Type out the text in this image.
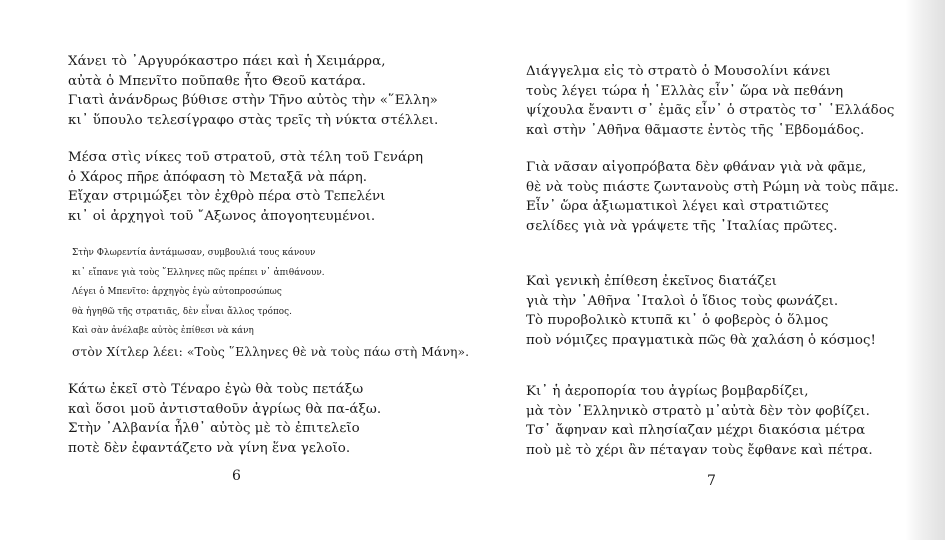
Χάνει τὸ ᾽Αργυρόκαστρο πάει καὶ ἡ Χειμάρρα,
αὐτὰ ὁ Μπενῖτο ποῦπαθε ἦτο Θεοῦ κατάρα.
Γιατὶ ἀνάνδρως βύθισε στὴν Τῆνο αὐτὸς τὴν «῞Ελλη»
κι᾽ ὕπουλο τελεσίγραφο στὰς τρεῖς τὴ νύκτα στέλλει.
Μέσα στὶς νίκες τοῦ στρατοῦ, στὰ τέλη τοῦ Γενάρη
ὁ Χάρος πῆρε ἀπόφαση τὸ Μεταξᾶ νὰ πάρη.
Εἴχαν στριμώξει τὸν ἐχθρὸ πέρα στὸ Τεπελένι
κι᾽ οἱ ἀρχηγοὶ τοῦ ῎Αξωνος ἀπογοητευμένοι.
Στὴν Φλωρεντία ἀντάμωσαν, συμβουλιά τους κάνουν
κι᾽ εἴπανε γιὰ τοὺς ῞Ελληνες πῶς πρέπει ν᾽ ἀπιθάνουν.
Λέγει ὁ Μπενῖτο: ἀρχηγὸς ἐγὼ αὐτοπροσώπως
θὰ ἡγηθῶ τῆς στρατιᾶς, δὲν εἶναι ἄλλος τρόπος.
Καὶ σὰν ἀνέλαβε αὐτὸς ἐπίθεσι νὰ κάνη
στὸν Χίτλερ λέει: «Τοὺς ῞Ελληνες θὲ νὰ τοὺς πάω στὴ Μάνη».
Κάτω ἐκεῖ στὸ Τέναρο ἐγὼ θὰ τοὺς πετάξω
καὶ ὅσοι μοῦ ἀντισταθοῦν ἀγρίως θὰ πα-άξω.
Στὴν ᾽Αλβανία ἦλθ᾽ αὐτὸς μὲ τὸ ἐπιτελεῖο
ποτὲ δὲν ἐφαντάζετο νὰ γίνη ἕνα γελοῖο.
6
Διάγγελμα εἰς τὸ στρατὸ ὁ Μουσολίνι κάνει
τοὺς λέγει τώρα ἡ ῾Ελλὰς εἶν᾽ ὥρα νὰ πεθάνη
ψίχουλα ἔναντι σ᾽ ἐμᾶς εἶν᾽ ὁ στρατὸς τσ᾽ ῾Ελλάδος
καὶ στὴν ᾽Αθῆνα θᾶμαστε ἐντὸς τῆς ῾Εβδομάδος.
Γιὰ νᾶσαν αἰγοπρόβατα δὲν φθάναν γιὰ νὰ φᾶμε,
θὲ νὰ τοὺς πιάστε ζωντανοὺς στὴ Ρώμη νὰ τοὺς πᾶμε.
Εἶν᾽ ὥρα ἀξιωματικοὶ λέγει καὶ στρατιῶτες
σελίδες γιὰ νὰ γράψετε τῆς ᾽Ιταλίας πρῶτες.
Καὶ γενικὴ ἐπίθεση ἐκεῖνος διατάζει
γιὰ τὴν ᾽Αθῆνα ᾽Ιταλοὶ ὁ ἴδιος τοὺς φωνάζει.
Τὸ πυροβολικὸ κτυπᾶ κι᾽ ὁ φοβερὸς ὁ ὅλμος
ποὺ νόμιζες πραγματικὰ πῶς θὰ χαλάση ὁ κόσμος!
Κι᾽ ἡ ἀεροπορία του ἀγρίως βομβαρδίζει,
μὰ τὸν ῾Ελληνικὸ στρατὸ μ᾽αὐτὰ δὲν τὸν φοβίζει.
Τσ᾽ ἄφηναν καὶ πλησίαζαν μέχρι διακόσια μέτρα
ποὺ μὲ τὸ χέρι ἂν πέταγαν τοὺς ἔφθανε καὶ πέτρα.
7
